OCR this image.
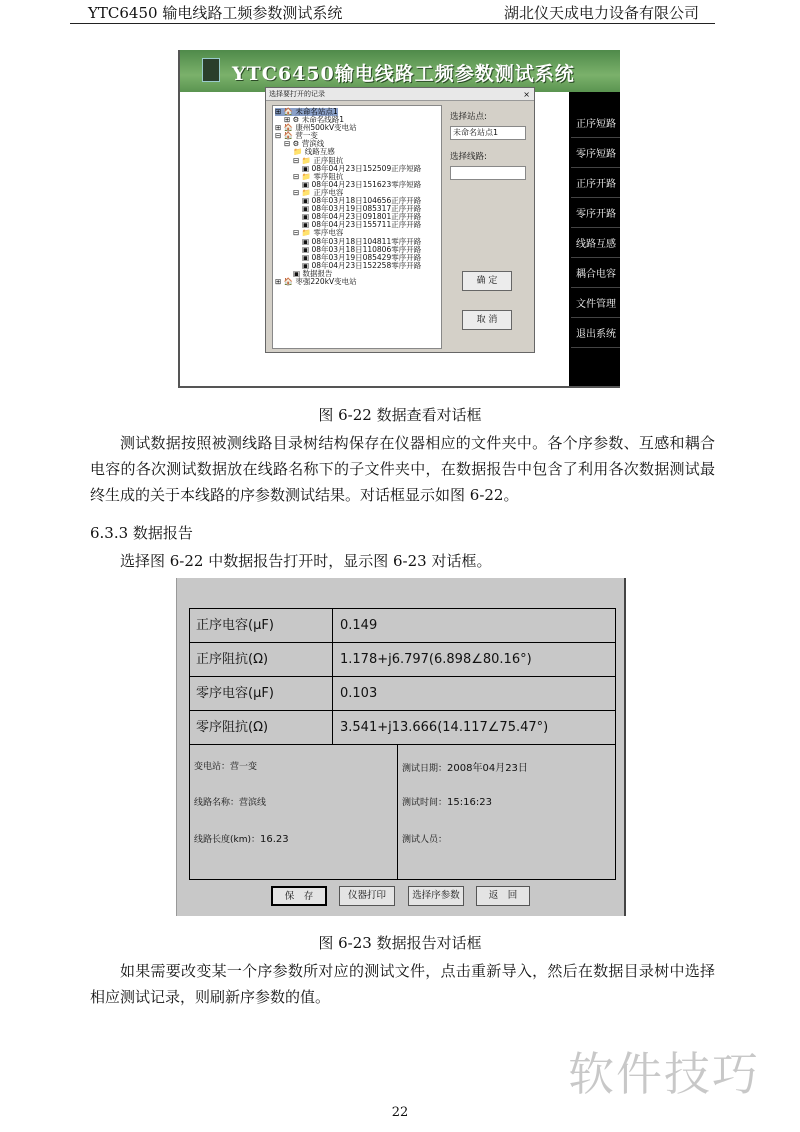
YTC6450 输电线路工频参数测试系统	湖北仪天成电力设备有限公司
YTC6450输电线路工频参数测试系统
正序短路
零序短路
正序开路
零序开路
线路互感
耦合电容
文件管理
退出系统
选择要打开的记录	×
⊞ 🏠 未命名站点1
⊞ ⚙ 未命名线路1
⊞ 🏠 康州500kV变电站
⊟ 🏠 营一变
⊟ ⚙ 营滨线
📁 线路互感
⊟ 📁 正序阻抗
▣ 08年04月23日152509正序短路
⊟ 📁 零序阻抗
▣ 08年04月23日151623零序短路
⊟ 📁 正序电容
▣ 08年03月18日104656正序开路
▣ 08年03月19日085317正序开路
▣ 08年04月23日091801正序开路
▣ 08年04月23日155711正序开路
⊟ 📁 零序电容
▣ 08年03月18日104811零序开路
▣ 08年03月18日110806零序开路
▣ 08年03月19日085429零序开路
▣ 08年04月23日152258零序开路
▣ 数据报告
⊞ 🏠 枣强220kV变电站
选择站点:
未命名站点1
选择线路:
确 定
取 消
图 6-22 数据查看对话框

测试数据按照被测线路目录树结构保存在仪器相应的文件夹中。各个序参数、互感和耦合电容的各次测试数据放在线路名称下的子文件夹中，在数据报告中包含了利用各次数据测试最终生成的关于本线路的序参数测试结果。对话框显示如图 6-22。

6.3.3 数据报告

选择图 6-22 中数据报告打开时，显示图 6-23 对话框。

正序电容(μF)	0.149
正序阻抗(Ω)	1.178+j6.797(6.898∠80.16°)
零序电容(μF)	0.103
零序阻抗(Ω)	3.541+j13.666(14.117∠75.47°)
变电站：营一变
线路名称：营滨线
线路长度(km)：16.23
测试日期：2008年04月23日
测试时间：15:16:23
测试人员：
保　存	仪器打印	选择序参数	返　回
图 6-23 数据报告对话框

如果需要改变某一个序参数所对应的测试文件，点击重新导入，然后在数据目录树中选择相应测试记录，则刷新序参数的值。

软件技巧
22
